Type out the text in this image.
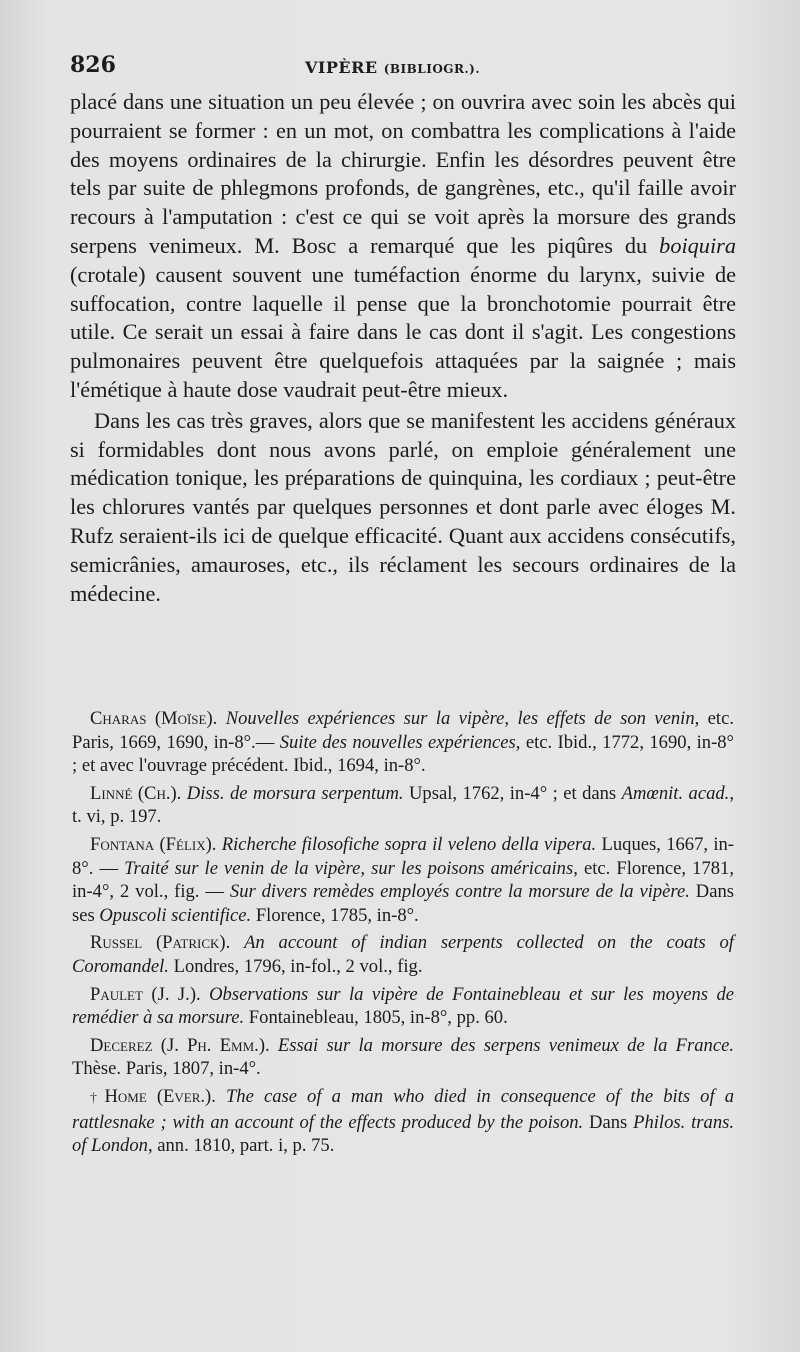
826	VIPÈRE (BIBLIOGR.).

placé dans une situation un peu élevée ; on ouvrira avec soin les abcès qui pourraient se former : en un mot, on combattra les complications à l'aide des moyens ordinaires de la chirurgie. Enfin les désordres peuvent être tels par suite de phlegmons profonds, de gangrènes, etc., qu'il faille avoir recours à l'amputation : c'est ce qui se voit après la morsure des grands serpens venimeux. M. Bosc a remarqué que les piqûres du boiquira (crotale) causent souvent une tuméfaction énorme du larynx, suivie de suffocation, contre laquelle il pense que la bronchotomie pourrait être utile. Ce serait un essai à faire dans le cas dont il s'agit. Les congestions pulmonaires peuvent être quelquefois attaquées par la saignée ; mais l'émétique à haute dose vaudrait peut-être mieux.

Dans les cas très graves, alors que se manifestent les accidens généraux si formidables dont nous avons parlé, on emploie généralement une médication tonique, les préparations de quinquina, les cordiaux ; peut-être les chlorures vantés par quelques personnes et dont parle avec éloges M. Rufz seraient-ils ici de quelque efficacité. Quant aux accidens consécutifs, semicrânies, amauroses, etc., ils réclament les secours ordinaires de la médecine.

Charas (Moïse). Nouvelles expériences sur la vipère, les effets de son venin, etc. Paris, 1669, 1690, in-8°.— Suite des nouvelles expériences, etc. Ibid., 1772, 1690, in-8° ; et avec l'ouvrage précédent. Ibid., 1694, in-8°.

Linné (Ch.). Diss. de morsura serpentum. Upsal, 1762, in-4° ; et dans Amœnit. acad., t. vi, p. 197.

Fontana (Félix). Richerche filosofiche sopra il veleno della vipera. Luques, 1667, in-8°. — Traité sur le venin de la vipère, sur les poisons américains, etc. Florence, 1781, in-4°, 2 vol., fig. — Sur divers remèdes employés contre la morsure de la vipère. Dans ses Opuscoli scientifice. Florence, 1785, in-8°.

Russel (Patrick). An account of indian serpents collected on the coats of Coromandel. Londres, 1796, in-fol., 2 vol., fig.

Paulet (J. J.). Observations sur la vipère de Fontainebleau et sur les moyens de remédier à sa morsure. Fontainebleau, 1805, in-8°, pp. 60.

Decerez (J. Ph. Emm.). Essai sur la morsure des serpens venimeux de la France. Thèse. Paris, 1807, in-4°.

† Home (Ever.). The case of a man who died in consequence of the bits of a rattlesnake ; with an account of the effects produced by the poison. Dans Philos. trans. of London, ann. 1810, part. i, p. 75.
